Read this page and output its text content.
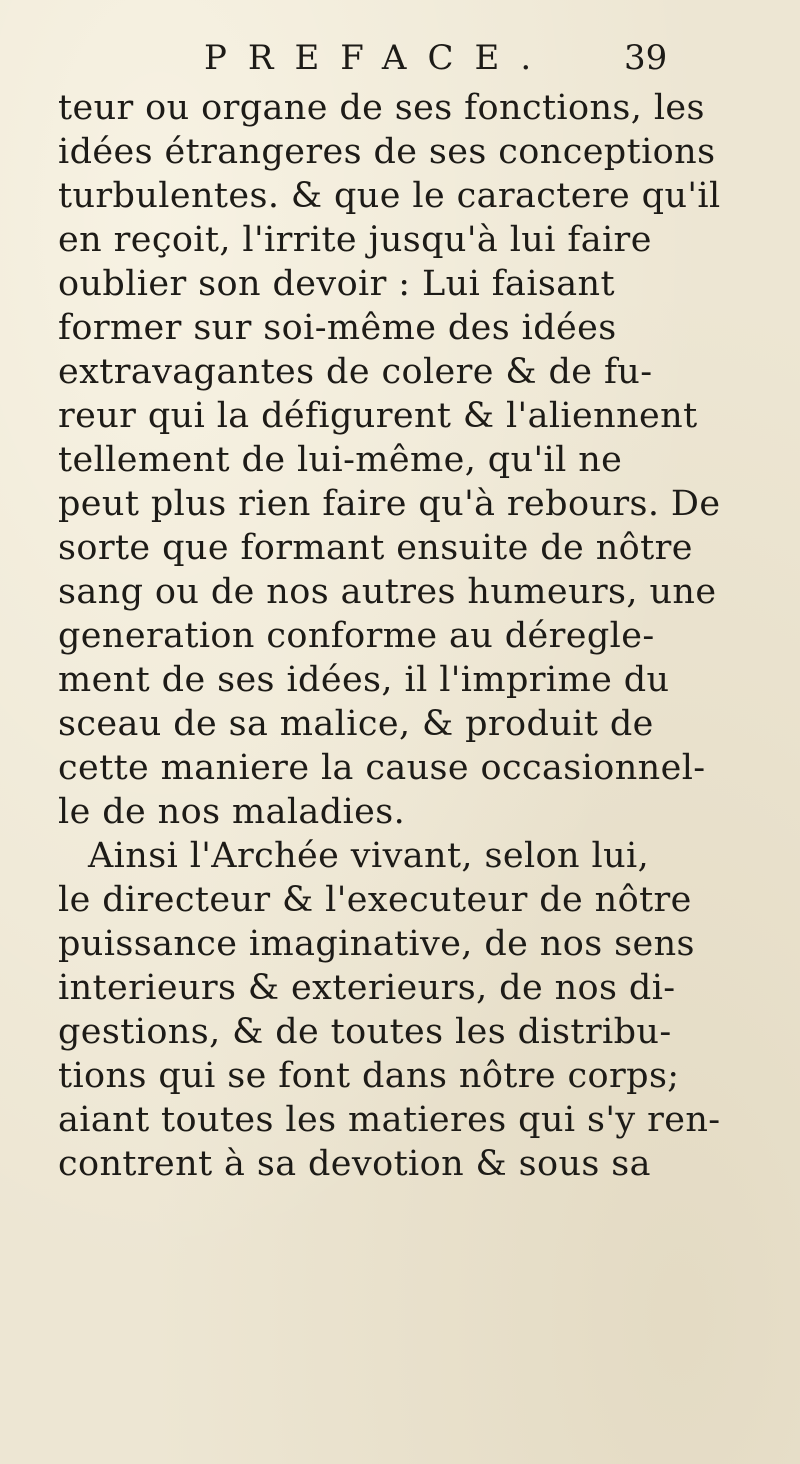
PREFACE. 39
teur ou organe de ses fonctions, les
idées étrangeres de ses conceptions
turbulentes. & que le caractere qu'il
en reçoit, l'irrite jusqu'à lui faire
oublier son devoir : Lui faisant
former sur soi-même des idées
extravagantes de colere & de fu-
reur qui la défigurent & l'aliennent
tellement de lui-même, qu'il ne
peut plus rien faire qu'à rebours. De
sorte que formant ensuite de nôtre
sang ou de nos autres humeurs, une
generation conforme au déregle-
ment de ses idées, il l'imprime du
sceau de sa malice, & produit de
cette maniere la cause occasionnel-
le de nos maladies.
Ainsi l'Archée vivant, selon lui,
le directeur & l'executeur de nôtre
puissance imaginative, de nos sens
interieurs & exterieurs, de nos di-
gestions, & de toutes les distribu-
tions qui se font dans nôtre corps;
aiant toutes les matieres qui s'y ren-
contrent à sa devotion & sous sa
